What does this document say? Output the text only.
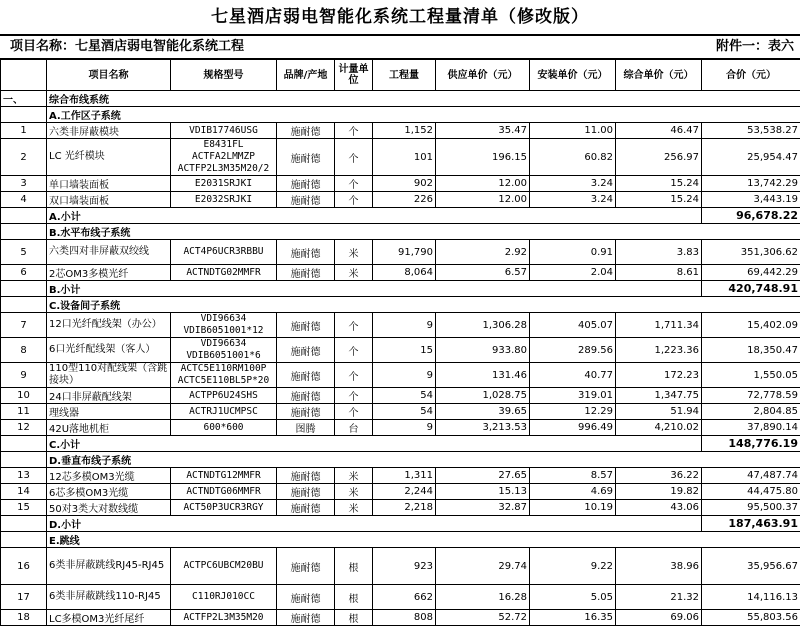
七星酒店弱电智能化系统工程量清单（修改版）
项目名称：七星酒店弱电智能化系统工程	附件一：表六
	项目名称	规格型号	品牌/产地	计量单位	工程量	供应单价（元）	安装单价（元）	综合单价（元）	合价（元）
一、	综合布线系统								
	A.工作区子系统								
1	六类非屏蔽模块	VDIB17746USG	施耐德	个	1,152	35.47	11.00	46.47	53,538.27
2	LC 光纤模块	E8431FL
ACTFA2LMMZP
ACTFP2L3M35M20/2	施耐德	个	101	196.15	60.82	256.97	25,954.47
3	单口墙装面板	E2031SRJKI	施耐德	个	902	12.00	3.24	15.24	13,742.29
4	双口墙装面板	E2032SRJKI	施耐德	个	226	12.00	3.24	15.24	3,443.19
	A.小计								96,678.22
	B.水平布线子系统								
5	六类四对非屏蔽双绞线	ACT4P6UCR3RBBU	施耐德	米	91,790	2.92	0.91	3.83	351,306.62
6	2芯OM3多模光纤	ACTNDTG02MMFR	施耐德	米	8,064	6.57	2.04	8.61	69,442.29
	B.小计								420,748.91
	C.设备间子系统								
7	12口光纤配线架（办公）	VDI96634
VDIB6051001*12	施耐德	个	9	1,306.28	405.07	1,711.34	15,402.09
8	6口光纤配线架（客人）	VDI96634
VDIB6051001*6	施耐德	个	15	933.80	289.56	1,223.36	18,350.47
9	110型110对配线架（含跳接块）	ACTC5E110RM100P
ACTC5E110BL5P*20	施耐德	个	9	131.46	40.77	172.23	1,550.05
10	24口非屏蔽配线架	ACTPP6U24SHS	施耐德	个	54	1,028.75	319.01	1,347.75	72,778.59
11	理线器	ACTRJ1UCMPSC	施耐德	个	54	39.65	12.29	51.94	2,804.85
12	42U落地机柜	600*600	图腾	台	9	3,213.53	996.49	4,210.02	37,890.14
	C.小计								148,776.19
	D.垂直布线子系统								
13	12芯多模OM3光缆	ACTNDTG12MMFR	施耐德	米	1,311	27.65	8.57	36.22	47,487.74
14	6芯多模OM3光缆	ACTNDTG06MMFR	施耐德	米	2,244	15.13	4.69	19.82	44,475.80
15	50对3类大对数线缆	ACT50P3UCR3RGY	施耐德	米	2,218	32.87	10.19	43.06	95,500.37
	D.小计								187,463.91
	E.跳线								
16	6类非屏蔽跳线RJ45-RJ45	ACTPC6UBCM20BU	施耐德	根	923	29.74	9.22	38.96	35,956.67
17	6类非屏蔽跳线110-RJ45	C110RJ010CC	施耐德	根	662	16.28	5.05	21.32	14,116.13
18	LC多模OM3光纤尾纤	ACTFP2L3M35M20	施耐德	根	808	52.72	16.35	69.06	55,803.56
